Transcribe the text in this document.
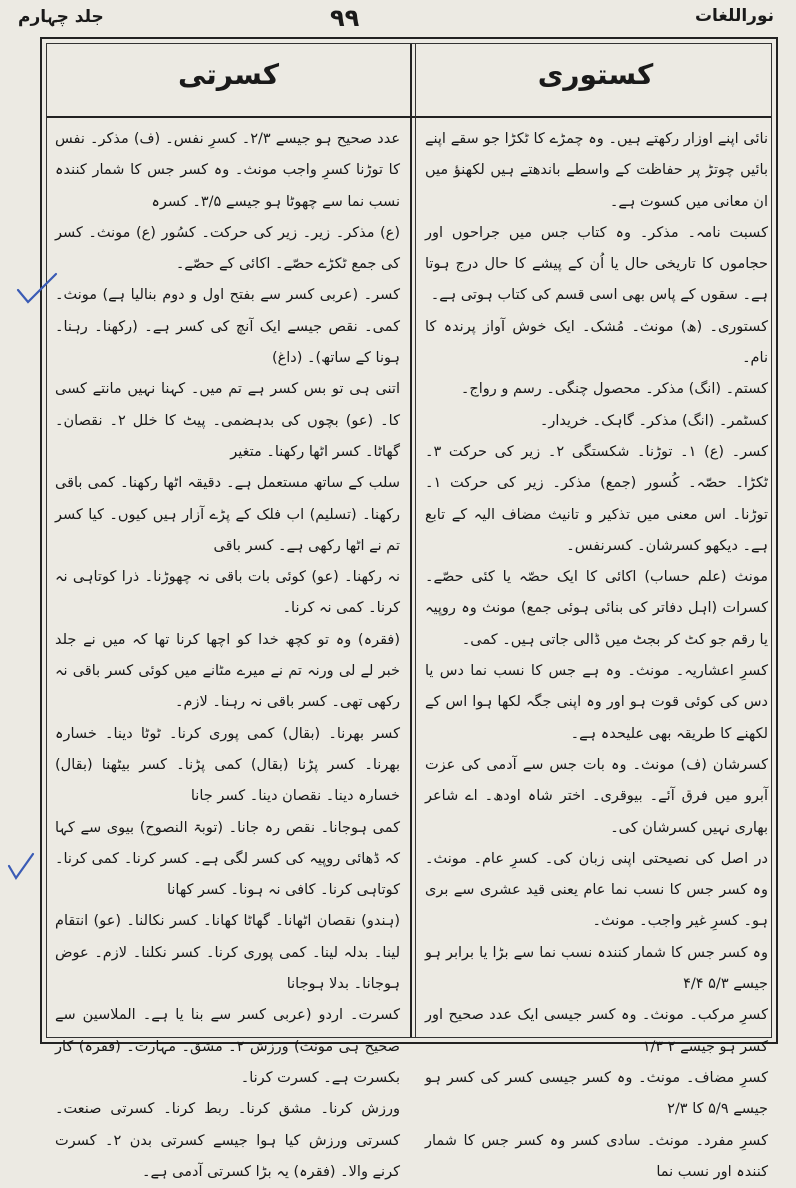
جلد چہارم	۹۹	نوراللغات
کسرتی	کستوری

نائی اپنے اوزار رکھتے ہیں۔ وہ چمڑے کا ٹکڑا جو سقے اپنے بائیں چوتڑ پر حفاظت کے واسطے باندھتے ہیں لکھنؤ میں ان معانی میں کسوت ہے۔

کسبت نامہ۔ مذکر۔ وہ کتاب جس میں جراحوں اور حجاموں کا تاریخی حال یا اُن کے پیشے کا حال درج ہوتا ہے۔ سقوں کے پاس بھی اسی قسم کی کتاب ہوتی ہے۔

کستوری۔ (ھ) مونث۔ مُشک۔ ایک خوش آواز پرندہ کا نام۔

کستم۔ (انگ) مذکر۔ محصول چنگی۔ رسم و رواج۔

کسٹمر۔ (انگ) مذکر۔ گاہک۔ خریدار۔

کسر۔ (ع) ۱۔ توڑنا۔ شکستگی ۲۔ زیر کی حرکت ۳۔ ٹکڑا۔ حصّہ۔ کُسور (جمع) مذکر۔ زیر کی حرکت ۱۔ توڑنا۔ اس معنی میں تذکیر و تانیث مضاف الیہ کے تابع ہے۔ دیکھو کسرشان۔ کسرنفس۔

مونث (علم حساب) اکائی کا ایک حصّہ یا کئی حصّے۔ کسرات (اہل دفاتر کی بنائی ہوئی جمع) مونث وہ روپیہ یا رقم جو کٹ کر بجٹ میں ڈالی جاتی ہیں۔ کمی۔

کسرِ اعشاریہ۔ مونث۔ وہ ہے جس کا نسب نما دس یا دس کی کوئی قوت ہو اور وہ اپنی جگہ لکھا ہوا اس کے لکھنے کا طریقہ بھی علیحدہ ہے۔

کسرشان (ف) مونث۔ وہ بات جس سے آدمی کی عزت آبرو میں فرق آئے۔ بیوقری۔ اختر شاہ اودھ۔ اے شاعر بھاری نہیں کسرشان کی۔

در اصل کی نصیحتی اپنی زبان کی۔ کسرِ عام۔ مونث۔ وہ کسر جس کا نسب نما عام یعنی قید عشری سے بری ہو۔ کسرِ غیر واجب۔ مونث۔

وہ کسر جس کا شمار کنندہ نسب نما سے بڑا یا برابر ہو جیسے ۵/۳ ۴/۴

کسرِ مرکب۔ مونث۔ وہ کسر جیسی ایک عدد صحیح اور کسر ہو جیسے ۲ ۱/۳

کسرِ مضاف۔ مونث۔ وہ کسر جیسی کسر کی کسر ہو جیسے ۵/۹ کا ۲/۳

کسرِ مفرد۔ مونث۔ سادی کسر وہ کسر جس کا شمار کنندہ اور نسب نما

عدد صحیح ہو جیسے ۲/۳۔ کسرِ نفس۔ (ف) مذکر۔ نفس کا توڑنا کسرِ واجب مونث۔ وہ کسر جس کا شمار کنندہ نسب نما سے چھوٹا ہو جیسے ۳/۵۔ کسرہ

(ع) مذکر۔ زیر۔ زیر کی حرکت۔ کسُور (ع) مونث۔ کسر کی جمع ٹکڑے حصّے۔ اکائی کے حصّے۔

کسر۔ (عربی کسر سے بفتح اول و دوم بنالیا ہے) مونث۔ کمی۔ نقص جیسے ایک آنچ کی کسر ہے۔ (رکھنا۔ رہنا۔ ہونا کے ساتھ)۔ (داغ)

اتنی ہی تو بس کسر ہے تم میں۔ کہنا نہیں مانتے کسی کا۔ (عو) بچوں کی بدہضمی۔ پیٹ کا خلل ۲۔ نقصان۔ گھاٹا۔ کسر اٹھا رکھنا۔ متغیر

سلب کے ساتھ مستعمل ہے۔ دقیقہ اٹھا رکھنا۔ کمی باقی رکھنا۔ (تسلیم) اب فلک کے پڑے آزار ہیں کیوں۔ کیا کسر تم نے اٹھا رکھی ہے۔ کسر باقی

نہ رکھنا۔ (عو) کوئی بات باقی نہ چھوڑنا۔ ذرا کوتاہی نہ کرنا۔ کمی نہ کرنا۔

(فقرہ) وہ تو کچھ خدا کو اچھا کرنا تھا کہ میں نے جلد خبر لے لی ورنہ تم نے میرے مٹانے میں کوئی کسر باقی نہ رکھی تھی۔ کسر باقی نہ رہنا۔ لازم۔

کسر بھرنا۔ (بقال) کمی پوری کرنا۔ ٹوٹا دینا۔ خسارہ بھرنا۔ کسر پڑنا (بقال) کمی پڑنا۔ کسر بیٹھنا (بقال) خسارہ دینا۔ نقصان دینا۔ کسر جانا

کمی ہوجانا۔ نقص رہ جانا۔ (توبۃ النصوح) بیوی سے کہا کہ ڈھائی روپیہ کی کسر لگی ہے۔ کسر کرنا۔ کمی کرنا۔ کوتاہی کرنا۔ کافی نہ ہونا۔ کسر کھانا

(ہندو) نقصان اٹھانا۔ گھاٹا کھانا۔ کسر نکالنا۔ (عو) انتقام لینا۔ بدلہ لینا۔ کمی پوری کرنا۔ کسر نکلنا۔ لازم۔ عوض ہوجانا۔ بدلا ہوجانا

کسرت۔ اردو (عربی کسر سے بنا یا ہے۔ الملاسین سے صحیح ہی مونث) ورزش ۲۔ مشق۔ مہارت۔ (فقرہ) کار بکسرت ہے۔ کسرت کرنا۔

ورزش کرنا۔ مشق کرنا۔ ربط کرنا۔ کسرتی صنعت۔ کسرتی ورزش کیا ہوا جیسے کسرتی بدن ۲۔ کسرت کرنے والا۔ (فقرہ) یہ بڑا کسرتی آدمی ہے۔
